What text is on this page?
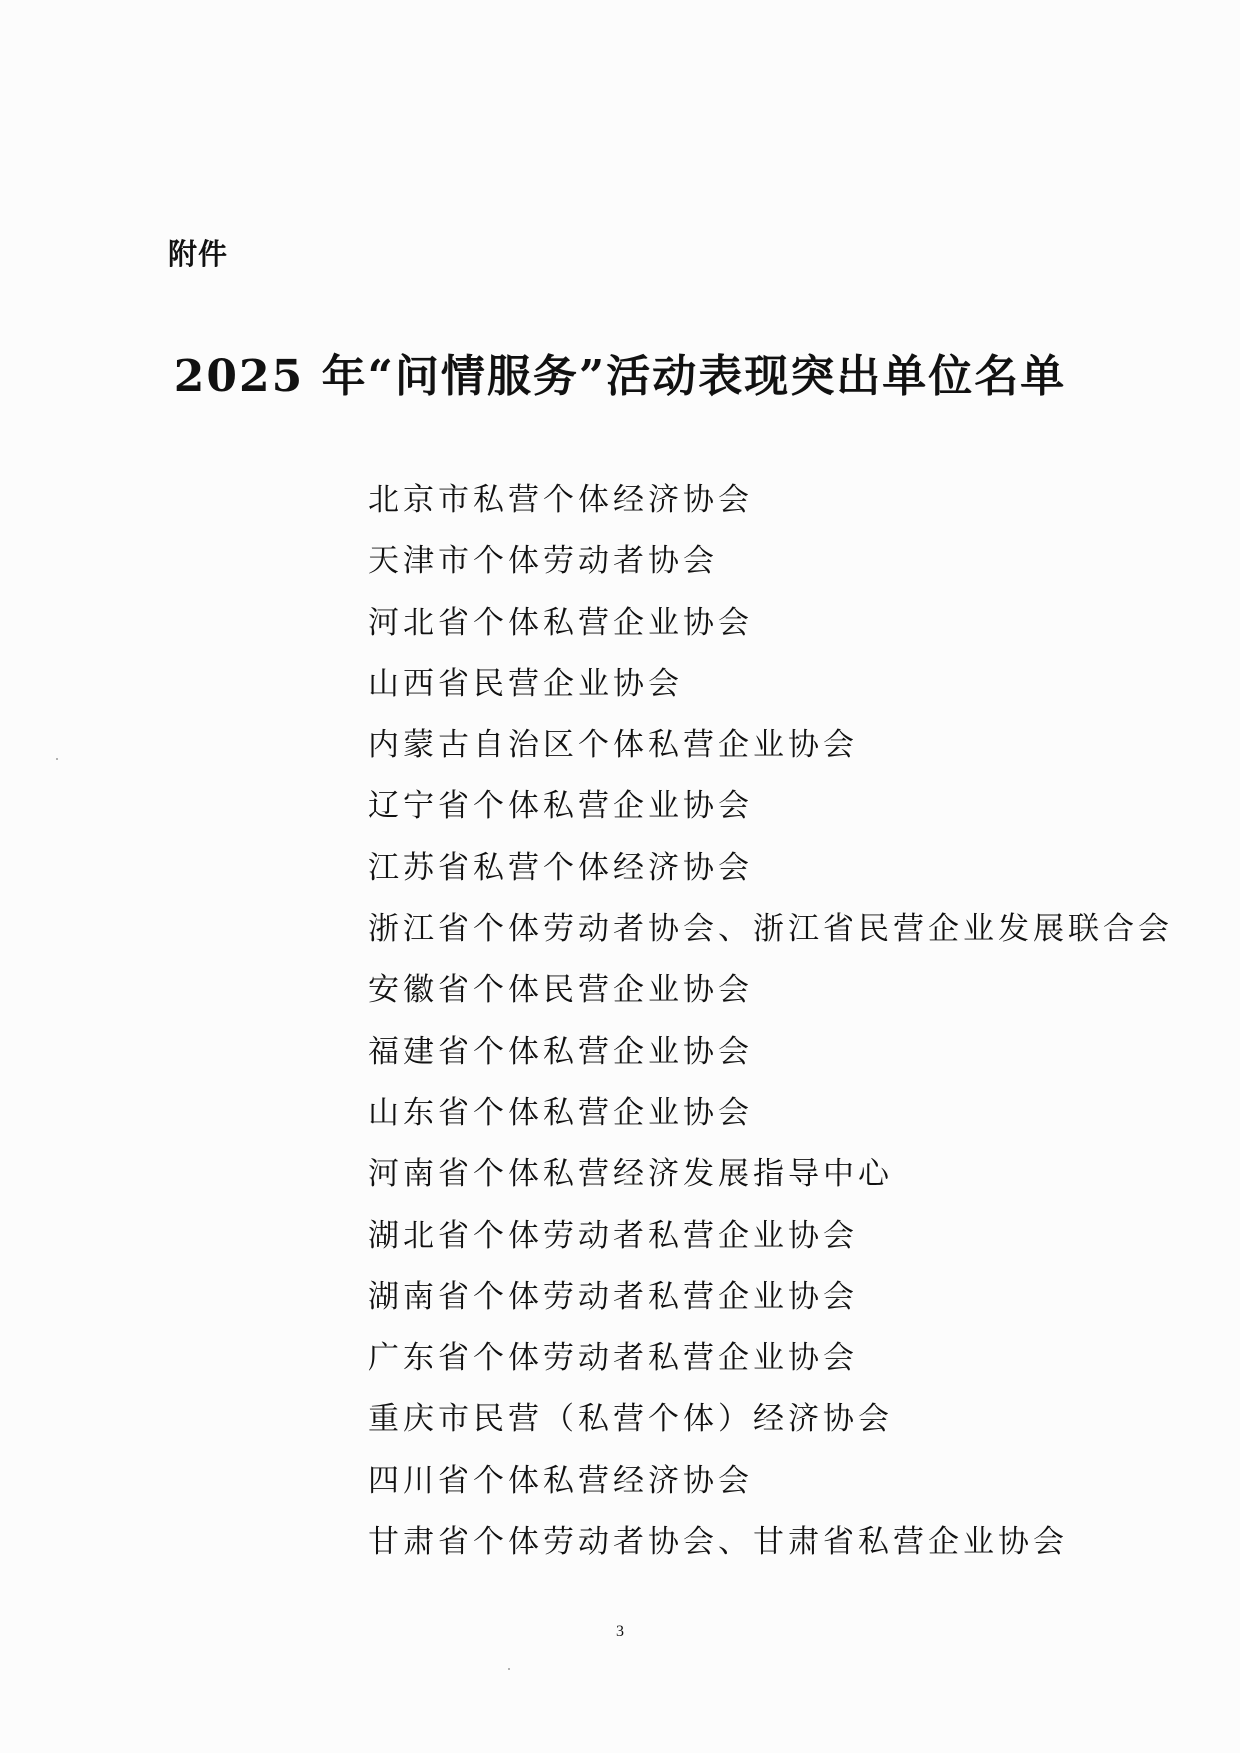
附件
2025 年“问情服务”活动表现突出单位名单
北京市私营个体经济协会
天津市个体劳动者协会
河北省个体私营企业协会
山西省民营企业协会
内蒙古自治区个体私营企业协会
辽宁省个体私营企业协会
江苏省私营个体经济协会
浙江省个体劳动者协会、浙江省民营企业发展联合会
安徽省个体民营企业协会
福建省个体私营企业协会
山东省个体私营企业协会
河南省个体私营经济发展指导中心
湖北省个体劳动者私营企业协会
湖南省个体劳动者私营企业协会
广东省个体劳动者私营企业协会
重庆市民营（私营个体）经济协会
四川省个体私营经济协会
甘肃省个体劳动者协会、甘肃省私营企业协会
3
